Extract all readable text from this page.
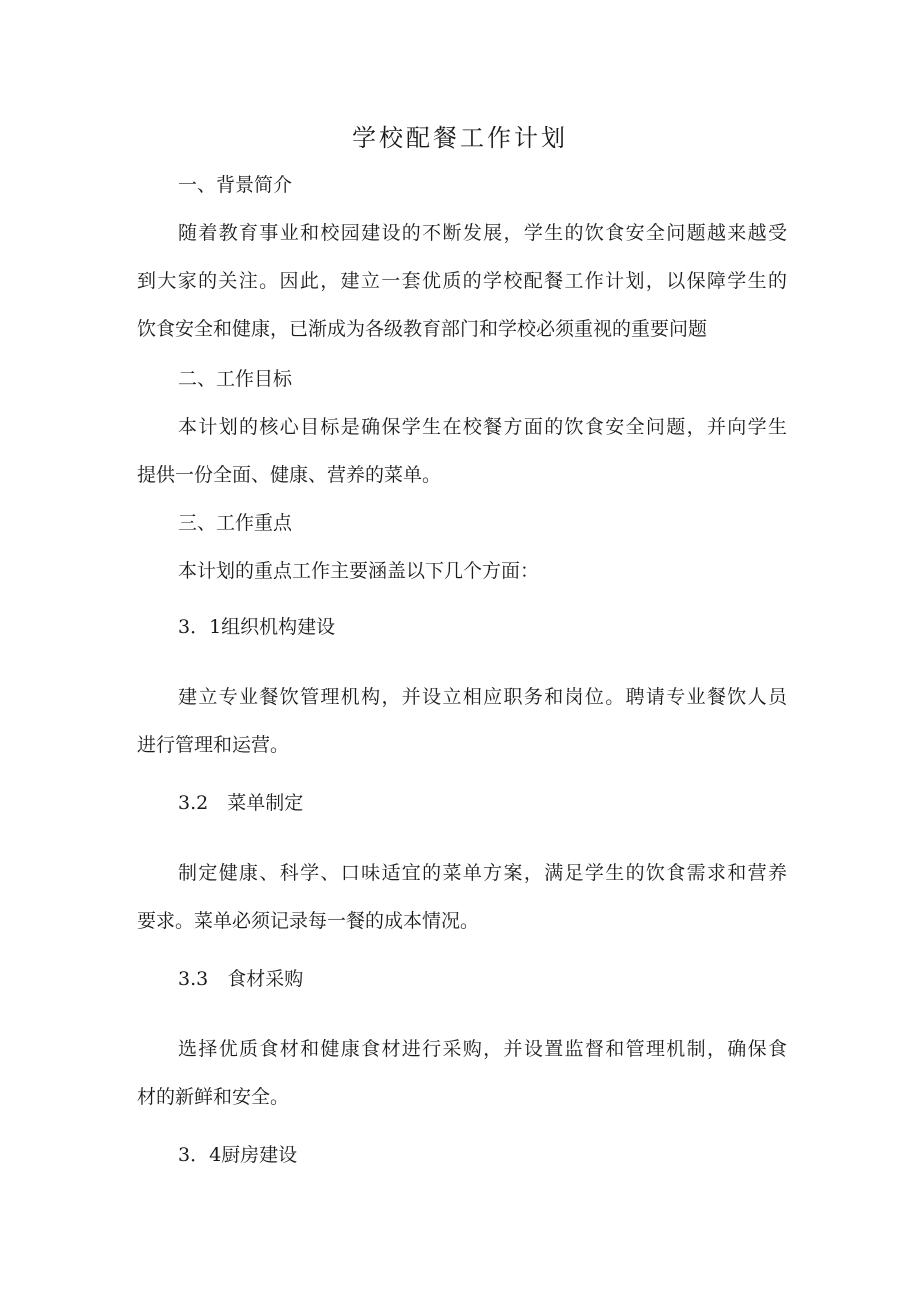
学校配餐工作计划

一、背景简介

随着教育事业和校园建设的不断发展，学生的饮食安全问题越来越受

到大家的关注。因此，建立一套优质的学校配餐工作计划，以保障学生的

饮食安全和健康，已渐成为各级教育部门和学校必须重视的重要问题

二、工作目标

本计划的核心目标是确保学生在校餐方面的饮食安全问题，并向学生

提供一份全面、健康、营养的菜单。

三、工作重点

本计划的重点工作主要涵盖以下几个方面：

3．1组织机构建设

建立专业餐饮管理机构，并设立相应职务和岗位。聘请专业餐饮人员

进行管理和运营。

3.2　菜单制定

制定健康、科学、口味适宜的菜单方案，满足学生的饮食需求和营养

要求。菜单必须记录每一餐的成本情况。

3.3　食材采购

选择优质食材和健康食材进行采购，并设置监督和管理机制，确保食

材的新鲜和安全。

3．4厨房建设
